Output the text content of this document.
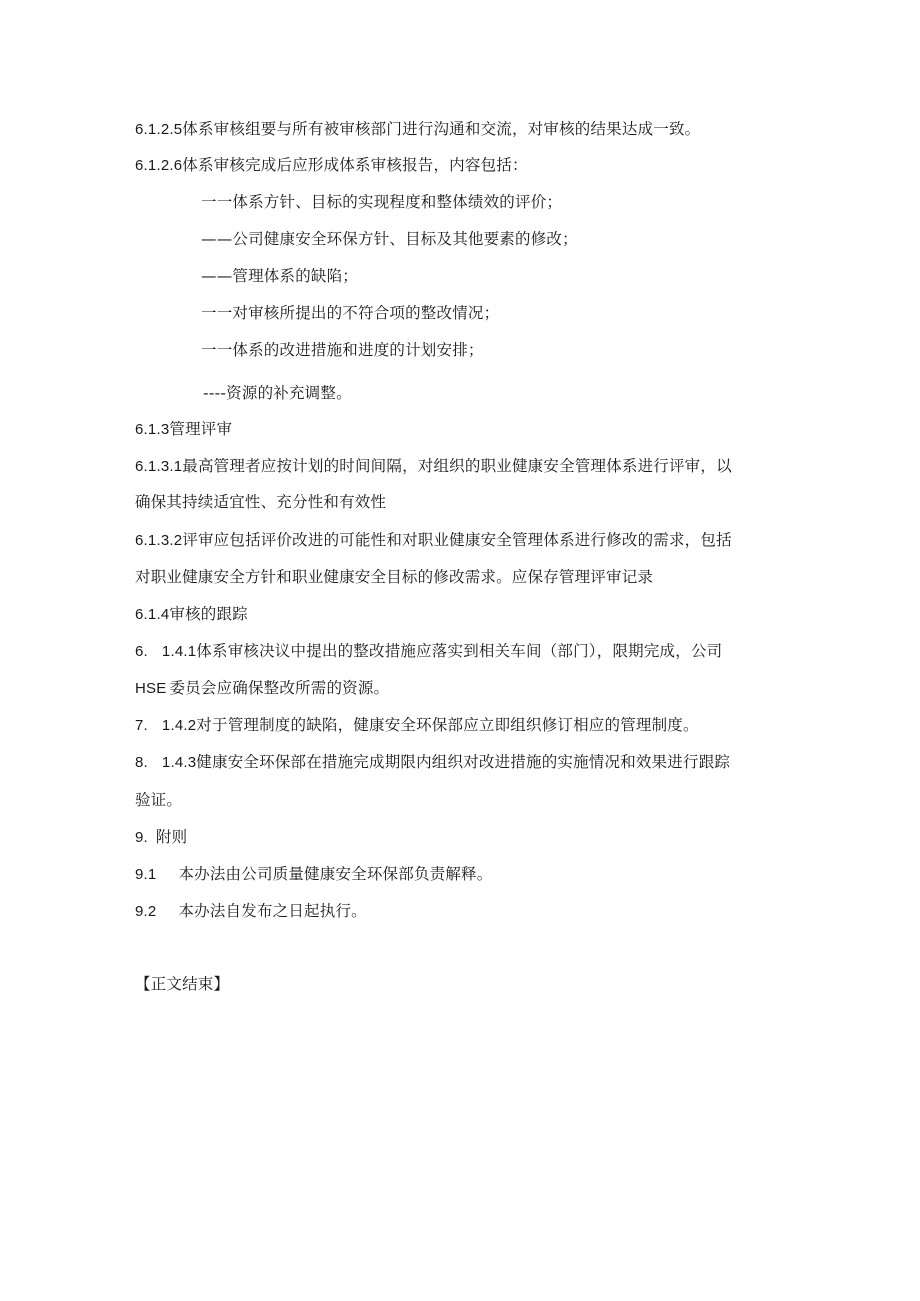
6.1.2.5体系审核组要与所有被审核部门进行沟通和交流，对审核的结果达成一致。
6.1.2.6体系审核完成后应形成体系审核报告，内容包括：
一一体系方针、目标的实现程度和整体绩效的评价；
——公司健康安全环保方针、目标及其他要素的修改；
——管理体系的缺陷；
一一对审核所提出的不符合项的整改情况；
一一体系的改进措施和进度的计划安排；
----资源的补充调整。
6.1.3管理评审
6.1.3.1最高管理者应按计划的时间间隔，对组织的职业健康安全管理体系进行评审，以
确保其持续适宜性、充分性和有效性
6.1.3.2评审应包括评价改进的可能性和对职业健康安全管理体系进行修改的需求，包括
对职业健康安全方针和职业健康安全目标的修改需求。应保存管理评审记录
6.1.4审核的跟踪
6. 1.4.1体系审核决议中提出的整改措施应落实到相关车间（部门），限期完成，公司
HSE 委员会应确保整改所需的资源。
7. 1.4.2对于管理制度的缺陷，健康安全环保部应立即组织修订相应的管理制度。
8. 1.4.3健康安全环保部在措施完成期限内组织对改进措施的实施情况和效果进行跟踪
验证。
9. 附则
9.1 本办法由公司质量健康安全环保部负责解释。
9.2 本办法自发布之日起执行。
【正文结束】
